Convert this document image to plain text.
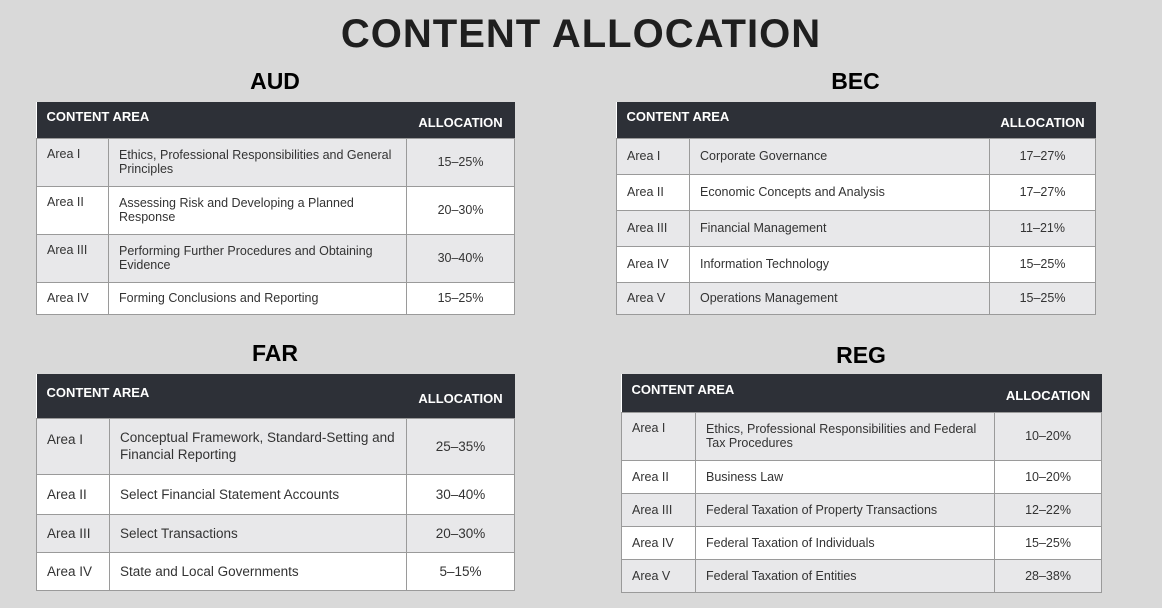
CONTENT ALLOCATION
AUD
CONTENT AREA		ALLOCATION
Area I	Ethics, Professional Responsibilities and General Principles	15–25%
Area II	Assessing Risk and Developing a Planned Response	20–30%
Area III	Performing Further Procedures and Obtaining Evidence	30–40%
Area IV	Forming Conclusions and Reporting	15–25%
BEC
CONTENT AREA		ALLOCATION
Area I	Corporate Governance	17–27%
Area II	Economic Concepts and Analysis	17–27%
Area III	Financial Management	11–21%
Area IV	Information Technology	15–25%
Area V	Operations Management	15–25%
FAR
CONTENT AREA		ALLOCATION
Area I	Conceptual Framework, Standard-Setting and Financial Reporting	25–35%
Area II	Select Financial Statement Accounts	30–40%
Area III	Select Transactions	20–30%
Area IV	State and Local Governments	5–15%
REG
CONTENT AREA		ALLOCATION
Area I	Ethics, Professional Responsibilities and Federal Tax Procedures	10–20%
Area II	Business Law	10–20%
Area III	Federal Taxation of Property Transactions	12–22%
Area IV	Federal Taxation of Individuals	15–25%
Area V	Federal Taxation of Entities	28–38%
